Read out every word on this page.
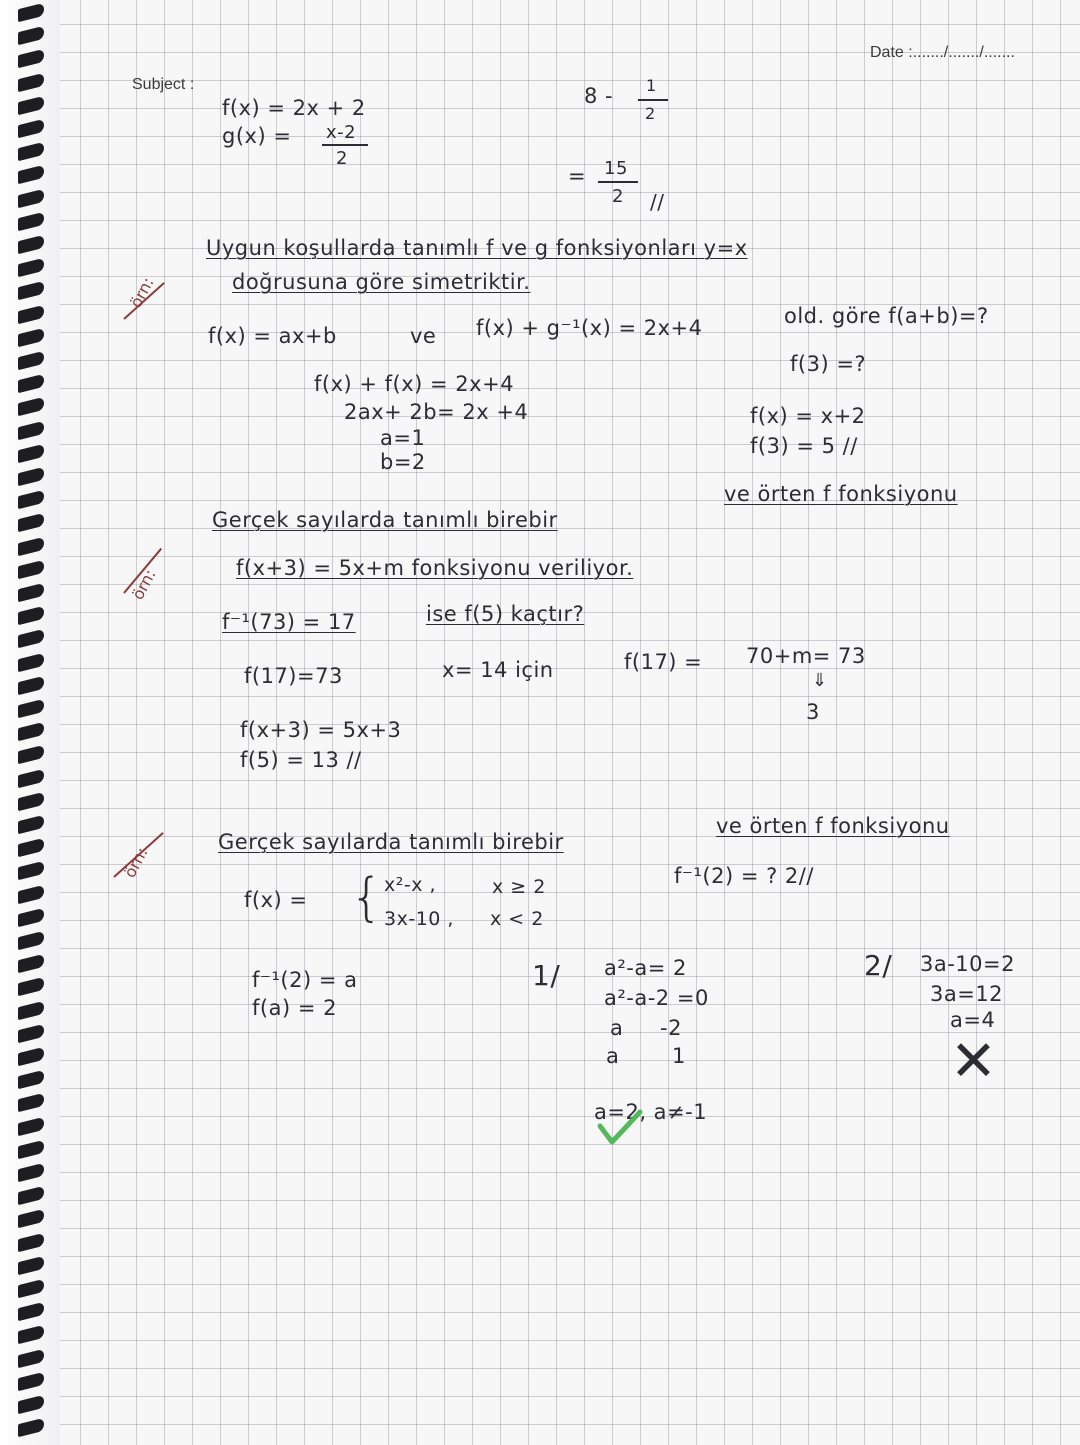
Subject :
Date :......./......./.......
f(x) = 2x + 2
g(x) = x-2
2
8 - 1
2
= 15
2 //
örn:
Uygun koşullarda tanımlı f ve g fonksiyonları y=x
doğrusuna göre simetriktir.
f(x) = ax+b	ve f(x) + g⁻¹(x) = 2x+4	old. göre f(a+b)=?
f(x) + f(x) = 2x+4
2ax+ 2b= 2x +4
a=1
b=2
f(3) =?
f(x) = x+2
f(3) = 5 //
örn:
Gerçek sayılarda tanımlı birebir
ve örten f fonksiyonu
f(x+3) = 5x+m fonksiyonu veriliyor.
f⁻¹(73) = 17	ise f(5) kaçtır?
f(17)=73	x= 14 için	f(17) = 70+m= 73
⇓
3
f(x+3) = 5x+3
f(5) = 13 //
örn:
Gerçek sayılarda tanımlı birebir
ve örten f fonksiyonu
f(x) = { x²-x ,	x ≥ 2
3x-10 , x < 2
f⁻¹(2) = ? 2//
f⁻¹(2) = a
f(a) = 2
1/ a²-a= 2
a²-a-2 =0
a -2
a	1
a=2, a≠-1
2/ 3a-10=2
3a=12
a=4
✕
